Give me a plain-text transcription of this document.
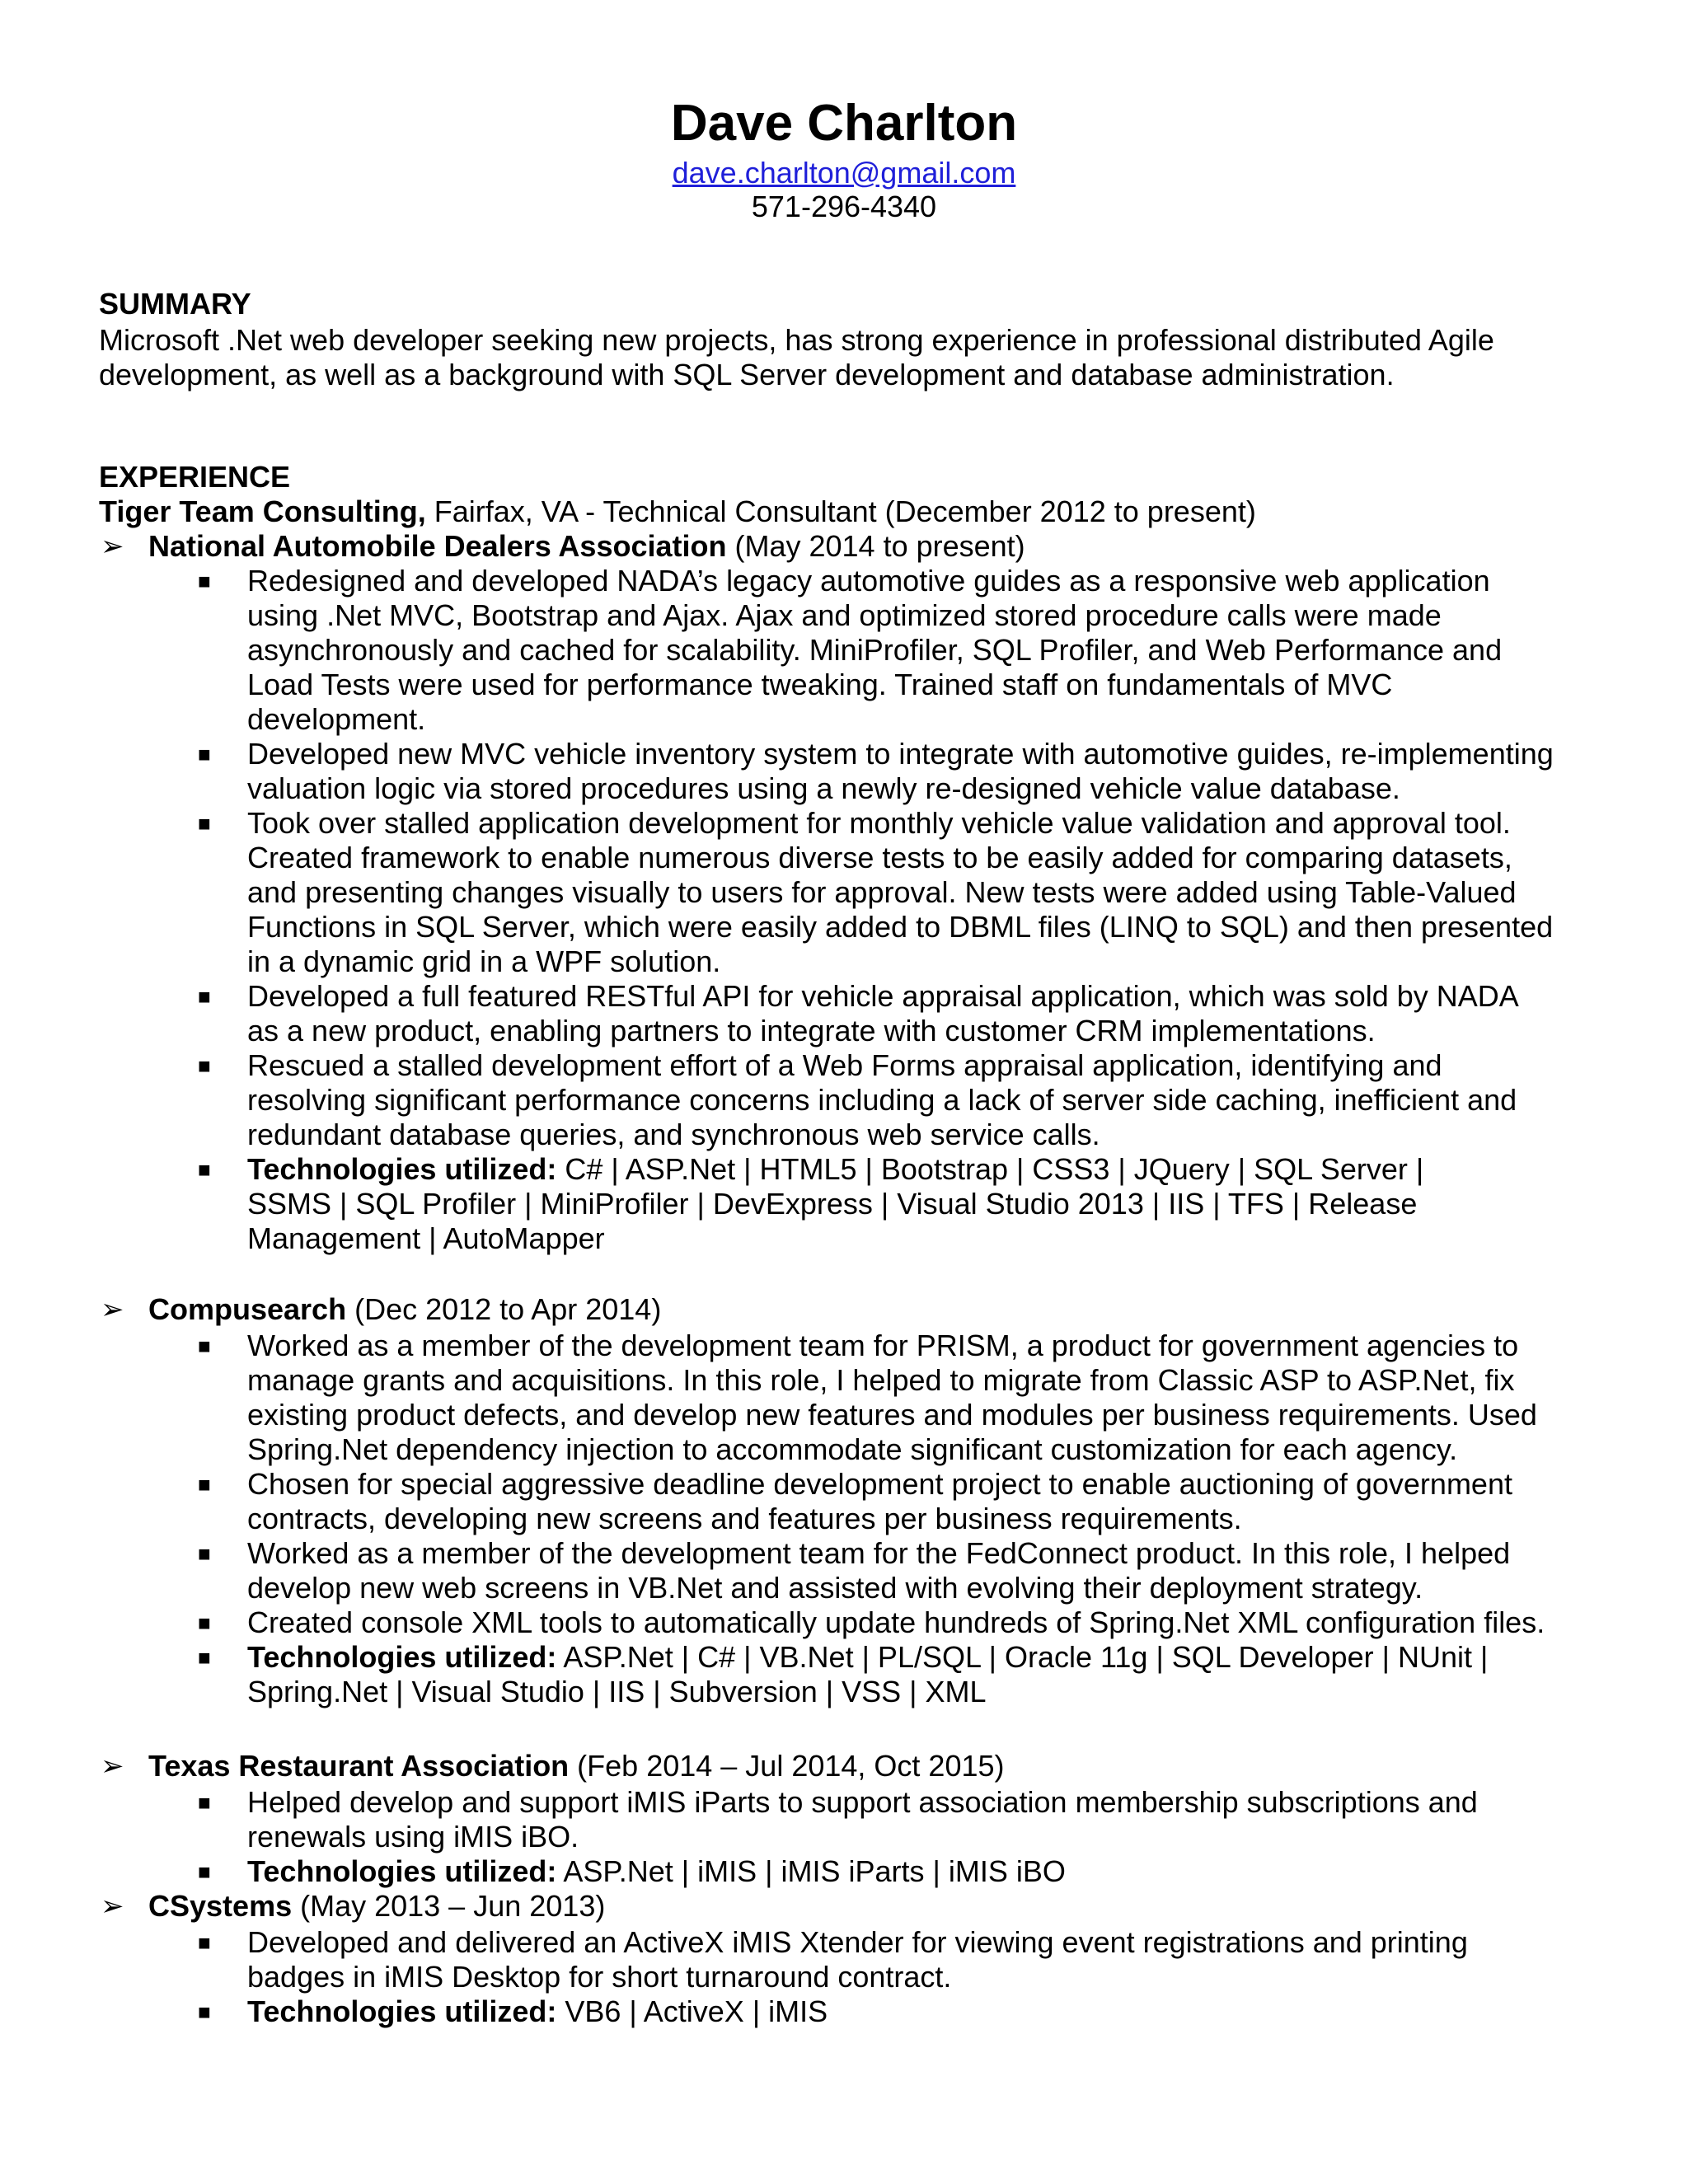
Dave Charlton
dave.charlton@gmail.com
571-296-4340
SUMMARY
Microsoft .Net web developer seeking new projects, has strong experience in professional distributed Agile
development, as well as a background with SQL Server development and database administration.
EXPERIENCE
Tiger Team Consulting, Fairfax, VA - Technical Consultant (December 2012 to present)
➢ National Automobile Dealers Association (May 2014 to present)
■ Redesigned and developed NADA’s legacy automotive guides as a responsive web application
using .Net MVC, Bootstrap and Ajax. Ajax and optimized stored procedure calls were made
asynchronously and cached for scalability. MiniProfiler, SQL Profiler, and Web Performance and
Load Tests were used for performance tweaking. Trained staff on fundamentals of MVC
development.
■ Developed new MVC vehicle inventory system to integrate with automotive guides, re-implementing
valuation logic via stored procedures using a newly re-designed vehicle value database.
■ Took over stalled application development for monthly vehicle value validation and approval tool.
Created framework to enable numerous diverse tests to be easily added for comparing datasets,
and presenting changes visually to users for approval. New tests were added using Table-Valued
Functions in SQL Server, which were easily added to DBML files (LINQ to SQL) and then presented
in a dynamic grid in a WPF solution.
■ Developed a full featured RESTful API for vehicle appraisal application, which was sold by NADA
as a new product, enabling partners to integrate with customer CRM implementations.
■ Rescued a stalled development effort of a Web Forms appraisal application, identifying and
resolving significant performance concerns including a lack of server side caching, inefficient and
redundant database queries, and synchronous web service calls.
■ Technologies utilized: C# | ASP.Net | HTML5 | Bootstrap | CSS3 | JQuery | SQL Server |
SSMS | SQL Profiler | MiniProfiler | DevExpress | Visual Studio 2013 | IIS | TFS | Release
Management | AutoMapper
➢ Compusearch (Dec 2012 to Apr 2014)
■ Worked as a member of the development team for PRISM, a product for government agencies to
manage grants and acquisitions. In this role, I helped to migrate from Classic ASP to ASP.Net, fix
existing product defects, and develop new features and modules per business requirements. Used
Spring.Net dependency injection to accommodate significant customization for each agency.
■ Chosen for special aggressive deadline development project to enable auctioning of government
contracts, developing new screens and features per business requirements.
■ Worked as a member of the development team for the FedConnect product. In this role, I helped
develop new web screens in VB.Net and assisted with evolving their deployment strategy.
■ Created console XML tools to automatically update hundreds of Spring.Net XML configuration files.
■ Technologies utilized: ASP.Net | C# | VB.Net | PL/SQL | Oracle 11g | SQL Developer | NUnit |
Spring.Net | Visual Studio | IIS | Subversion | VSS | XML
➢ Texas Restaurant Association (Feb 2014 – Jul 2014, Oct 2015)
■ Helped develop and support iMIS iParts to support association membership subscriptions and
renewals using iMIS iBO.
■ Technologies utilized: ASP.Net | iMIS | iMIS iParts | iMIS iBO
➢ CSystems (May 2013 – Jun 2013)
■ Developed and delivered an ActiveX iMIS Xtender for viewing event registrations and printing
badges in iMIS Desktop for short turnaround contract.
■ Technologies utilized: VB6 | ActiveX | iMIS
